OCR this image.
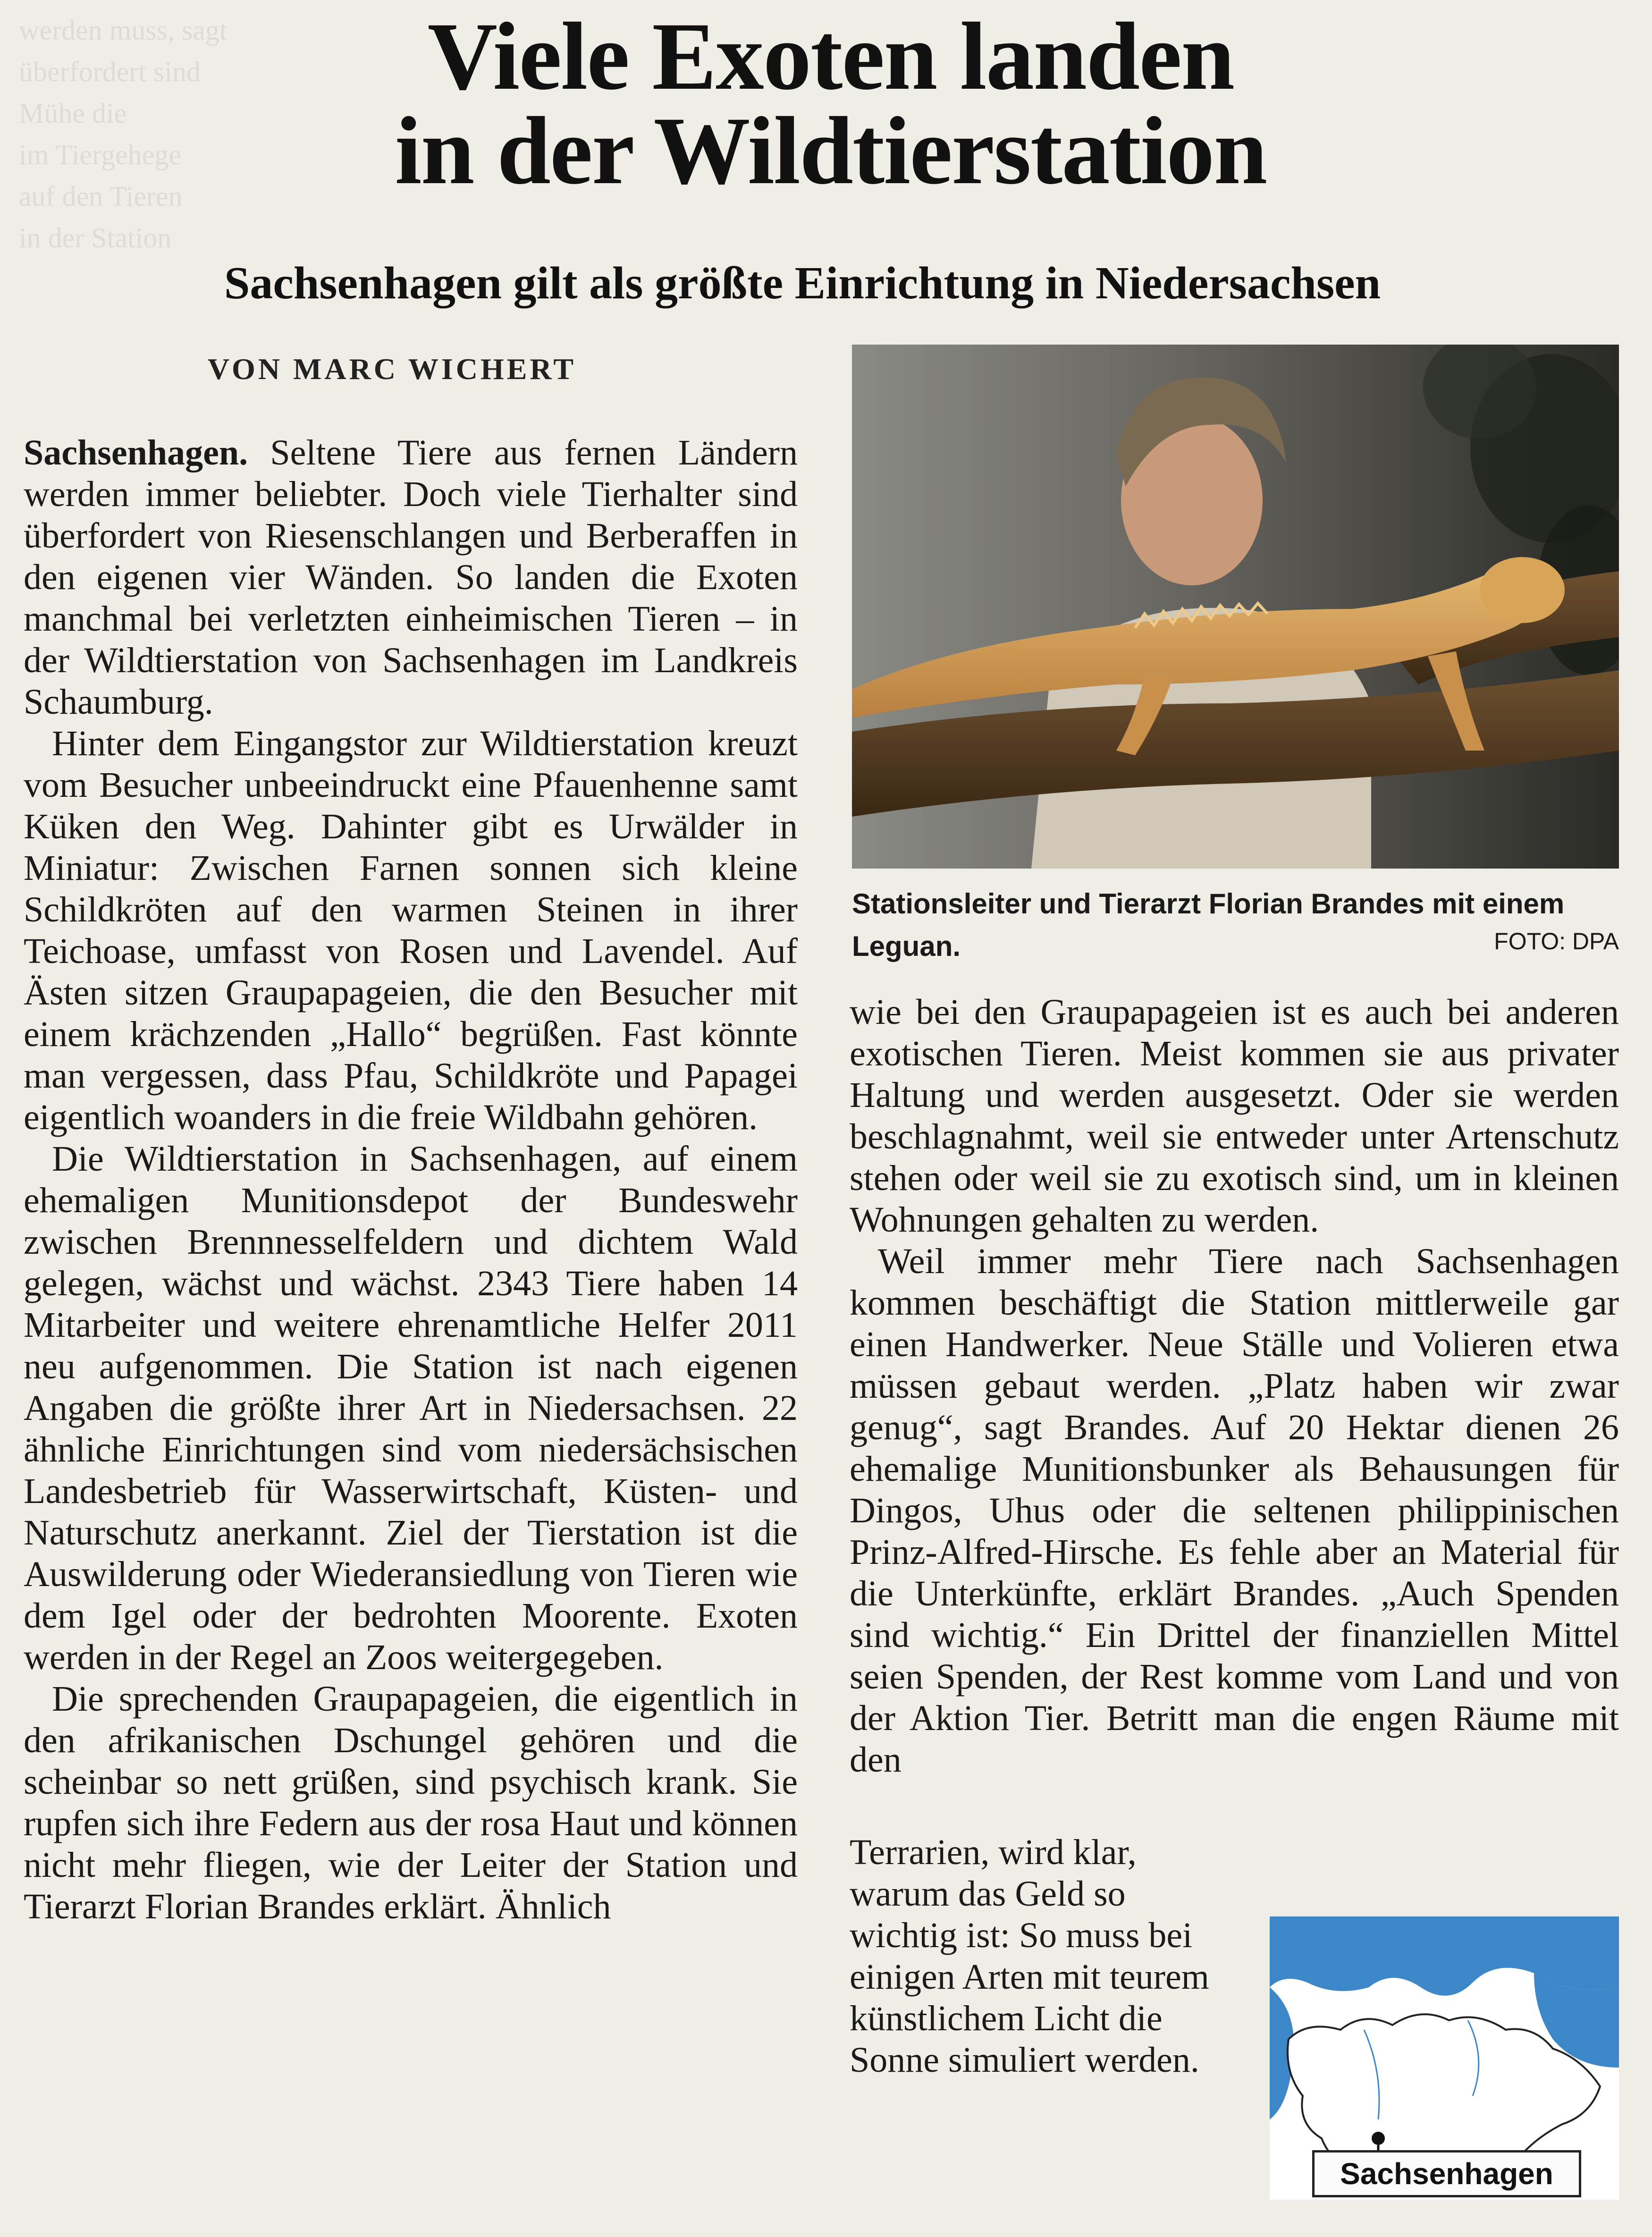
werden muss, sagt
überfordert sind
Mühe die
im Tiergehege
auf den Tieren
in der Station
Viele Exoten landen
in der Wildtierstation
Sachsenhagen gilt als größte Einrichtung in Niedersachsen
VON MARC WICHERT

Sachsenhagen. Seltene Tiere aus fernen Ländern werden immer beliebter. Doch viele Tierhalter sind überfordert von Riesenschlangen und Berberaffen in den eigenen vier Wänden. So landen die Exoten manchmal bei verletzten einheimischen Tieren – in der Wildtierstation von Sachsenhagen im Landkreis Schaumburg.

Hinter dem Eingangstor zur Wildtierstation kreuzt vom Besucher unbeeindruckt eine Pfauenhenne samt Küken den Weg. Dahinter gibt es Urwälder in Miniatur: Zwischen Farnen sonnen sich kleine Schildkröten auf den warmen Steinen in ihrer Teichoase, umfasst von Rosen und Lavendel. Auf Ästen sitzen Graupapageien, die den Besucher mit einem krächzenden „Hallo“ begrüßen. Fast könnte man vergessen, dass Pfau, Schildkröte und Papagei eigentlich woanders in die freie Wildbahn gehören.

Die Wildtierstation in Sachsenhagen, auf einem ehemaligen Munitionsdepot der Bundeswehr zwischen Brennnesselfeldern und dichtem Wald gelegen, wächst und wächst. 2343 Tiere haben 14 Mitarbeiter und weitere ehrenamtliche Helfer 2011 neu aufgenommen. Die Station ist nach eigenen Angaben die größte ihrer Art in Niedersachsen. 22 ähnliche Einrichtungen sind vom niedersächsischen Landesbetrieb für Wasserwirtschaft, Küsten- und Naturschutz anerkannt. Ziel der Tierstation ist die Auswilderung oder Wiederansiedlung von Tieren wie dem Igel oder der bedrohten Moorente. Exoten werden in der Regel an Zoos weitergegeben.

Die sprechenden Graupapageien, die eigentlich in den afrikanischen Dschungel gehören und die scheinbar so nett grüßen, sind psychisch krank. Sie rupfen sich ihre Federn aus der rosa Haut und können nicht mehr fliegen, wie der Leiter der Station und Tierarzt Florian Brandes erklärt. Ähnlich

Stationsleiter und Tierarzt Florian Brandes mit einem Leguan.	FOTO: DPA

wie bei den Graupapageien ist es auch bei anderen exotischen Tieren. Meist kommen sie aus privater Haltung und werden ausgesetzt. Oder sie werden beschlagnahmt, weil sie entweder unter Artenschutz stehen oder weil sie zu exotisch sind, um in kleinen Wohnungen gehalten zu werden.

Weil immer mehr Tiere nach Sachsenhagen kommen beschäftigt die Station mittlerweile gar einen Handwerker. Neue Ställe und Volieren etwa müssen gebaut werden. „Platz haben wir zwar genug“, sagt Brandes. Auf 20 Hektar dienen 26 ehemalige Munitionsbunker als Behausungen für Dingos, Uhus oder die seltenen philippinischen Prinz-Alfred-Hirsche. Es fehle aber an Material für die Unterkünfte, erklärt Brandes. „Auch Spenden sind wichtig.“ Ein Drittel der finanziellen Mittel seien Spenden, der Rest komme vom Land und von der Aktion Tier. Betritt man die engen Räume mit den

Terrarien, wird klar, warum das Geld so wichtig ist: So muss bei einigen Arten mit teurem künstlichem Licht die Sonne simuliert werden.

Sachsenhagen
